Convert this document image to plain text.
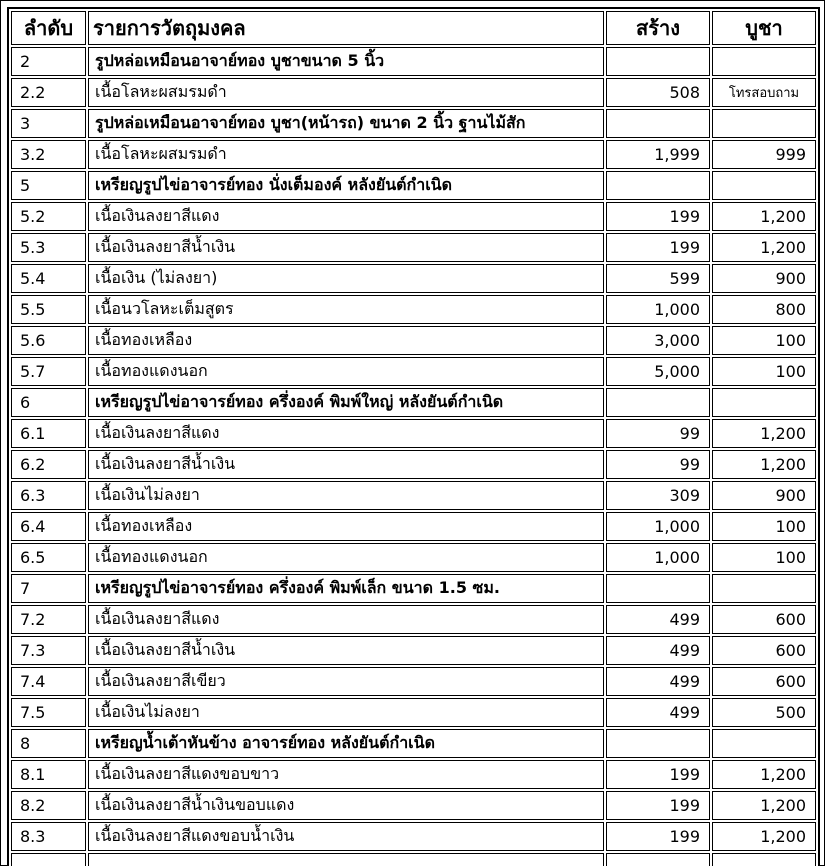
ลำดับ	รายการวัตถุมงคล	สร้าง	บูชา
2	รูปหล่อเหมือนอาจาย์ทอง บูชาขนาด 5 นิ้ว		
2.2	เนื้อโลหะผสมรมดำ	508	โทรสอบถาม
3	รูปหล่อเหมือนอาจาย์ทอง บูชา(หน้ารถ) ขนาด 2 นิ้ว ฐานไม้สัก		
3.2	เนื้อโลหะผสมรมดำ	1,999	999
5	เหรียญรูปไข่อาจารย์ทอง นั่งเต็มองค์ หลังยันต์กำเนิด		
5.2	เนื้อเงินลงยาสีแดง	199	1,200
5.3	เนื้อเงินลงยาสีน้ำเงิน	199	1,200
5.4	เนื้อเงิน (ไม่ลงยา)	599	900
5.5	เนื้อนวโลหะเต็มสูตร	1,000	800
5.6	เนื้อทองเหลือง	3,000	100
5.7	เนื้อทองแดงนอก	5,000	100
6	เหรียญรูปไข่อาจารย์ทอง ครึ่งองค์ พิมพ์ใหญ่ หลังยันต์กำเนิด		
6.1	เนื้อเงินลงยาสีแดง	99	1,200
6.2	เนื้อเงินลงยาสีน้ำเงิน	99	1,200
6.3	เนื้อเงินไม่ลงยา	309	900
6.4	เนื้อทองเหลือง	1,000	100
6.5	เนื้อทองแดงนอก	1,000	100
7	เหรียญรูปไข่อาจารย์ทอง ครึ่งองค์ พิมพ์เล็ก ขนาด 1.5 ซม.		
7.2	เนื้อเงินลงยาสีแดง	499	600
7.3	เนื้อเงินลงยาสีน้ำเงิน	499	600
7.4	เนื้อเงินลงยาสีเขียว	499	600
7.5	เนื้อเงินไม่ลงยา	499	500
8	เหรียญน้ำเต้าหันข้าง อาจารย์ทอง หลังยันต์กำเนิด		
8.1	เนื้อเงินลงยาสีแดงขอบขาว	199	1,200
8.2	เนื้อเงินลงยาสีน้ำเงินขอบแดง	199	1,200
8.3	เนื้อเงินลงยาสีแดงขอบน้ำเงิน	199	1,200
